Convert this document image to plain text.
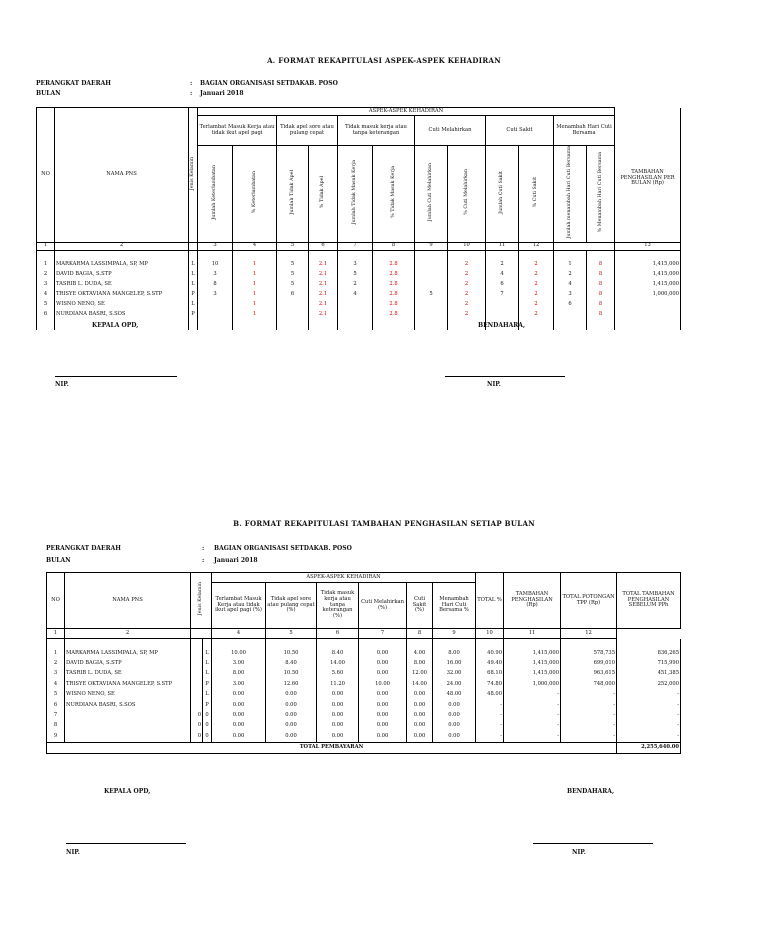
A. FORMAT REKAPITULASI ASPEK-ASPEK KEHADIRAN
PERANGKAT DAERAH	: BAGIAN ORGANISASI SETDAKAB. POSO
BULAN	: Januari 2018
NO	NAMA PNS	Jenis Kelamin	ASPEK-ASPEK KEHADIRAN												
			Terlambat Masuk Kerja atau tidak ikut apel pagi		Tidak apel sore atau pulang cepat		Tidak masuk kerja atau tanpa keterangan		Cuti Melahirkan		Cuti Sakit		Menambah Hari Cuti Bersama		TAMBAHAN PENGHASILAN PER BULAN (Rp)
			Jumlah Keterlambatan	% Keterlambatan	Jumlah Tidak Apel	% Tidak Apel	Jumlah Tidak Masuk Kerja	% Tidak Masuk Kerja	Jumlah Cuti Melahirkan	% Cuti Melahirkan	Jumlah Cuti Sakit	% Cuti Sakit	Jumlah menambah Hari Cuti Bersama	% Menambah Hari Cuti Bersama	
1	2		3	4	5	6	7	8	9	10	11	12			13

1	MARKARMA LASSIMPALA, SP, MP	L	10	1	5	2.1	3	2.8		2	2	2	1	8	1,415,000
2	DAVID BAGIA, S.STP	L	3	1	5	2.1	5	2.8		2	4	2	2	8	1,415,000
3	TASRIB L. DUDA, SE	L	8	1	5	2.1	2	2.8		2	6	2	4	8	1,415,000
4	TRISYE OKTAVIANA MANGELEP, S.STP	P	3	1	6	2.1	4	2.8	5	2	7	2	3	8	1,000,000
5	WISNO NENO, SE	L		1		2.1		2.8		2		2	6	8	
6	NURDIANA BASRI, S.SOS	P		1		2.1		2.8		2		2		8	

KEPALA OPD,	BENDAHARA,
NIP.	NIP.
B. FORMAT REKAPITULASI TAMBAHAN PENGHASILAN SETIAP BULAN
PERANGKAT DAERAH	: BAGIAN ORGANISASI SETDAKAB. POSO
BULAN	: Januari 2018
NO	NAMA PNS	Jenis Kelamin		ASPEK-ASPEK KEHADIRAN						TOTAL %	TAMBAHAN PENGHASILAN (Rp)	TOTAL POTONGAN TPP (Rp)	TOTAL TAMBAHAN PENGHASILAN SEBELUM PPh
				Terlambat Masuk Kerja atau tidak ikut apel pagi (%)	Tidak apel sore atau pulang cepat (%)	Tidak masuk kerja atau tanpa keterangan (%)	Cuti Melahirkan (%)	Cuti Sakit (%)	Menambah Hari Cuti Bersama %				
1	2			4	5	6	7	8	9	10	11	12	

1	MARKARMA LASSIMPALA, SP, MP		L	10.00	10.50	8.40	0.00	4.00	8.00	40.90	1,415,000	578,735	836,265
2	DAVID BAGIA, S.STP		L	3.00	8.40	14.00	0.00	8.00	16.00	49.40	1,415,000	699,010	715,990
3	TASRIB L. DUDA, SE		L	8.00	10.50	5.60	0.00	12.00	32.00	68.10	1,415,000	963,615	451,385
4	TRISYE OKTAVIANA MANGELEP, S.STP		P	3.00	12.60	11.20	10.00	14.00	24.00	74.80	1,000,000	748,000	252,000
5	WISNO NENO, SE		L	0.00	0.00	0.00	0.00	0.00	48.00	48.00	-	-	-
6	NURDIANA BASRI, S.SOS		P	0.00	0.00	0.00	0.00	0.00	0.00	-	-	-	-
7		0	0	0.00	0.00	0.00	0.00	0.00	0.00	-	-	-	-
8		0	0	0.00	0.00	0.00	0.00	0.00	0.00	-	-	-	-
9		0	0	0.00	0.00	0.00	0.00	0.00	0.00	-	-	-	-
TOTAL PEMBAYARAN													2,255,640.00
KEPALA OPD,	BENDAHARA,
NIP.	NIP.
